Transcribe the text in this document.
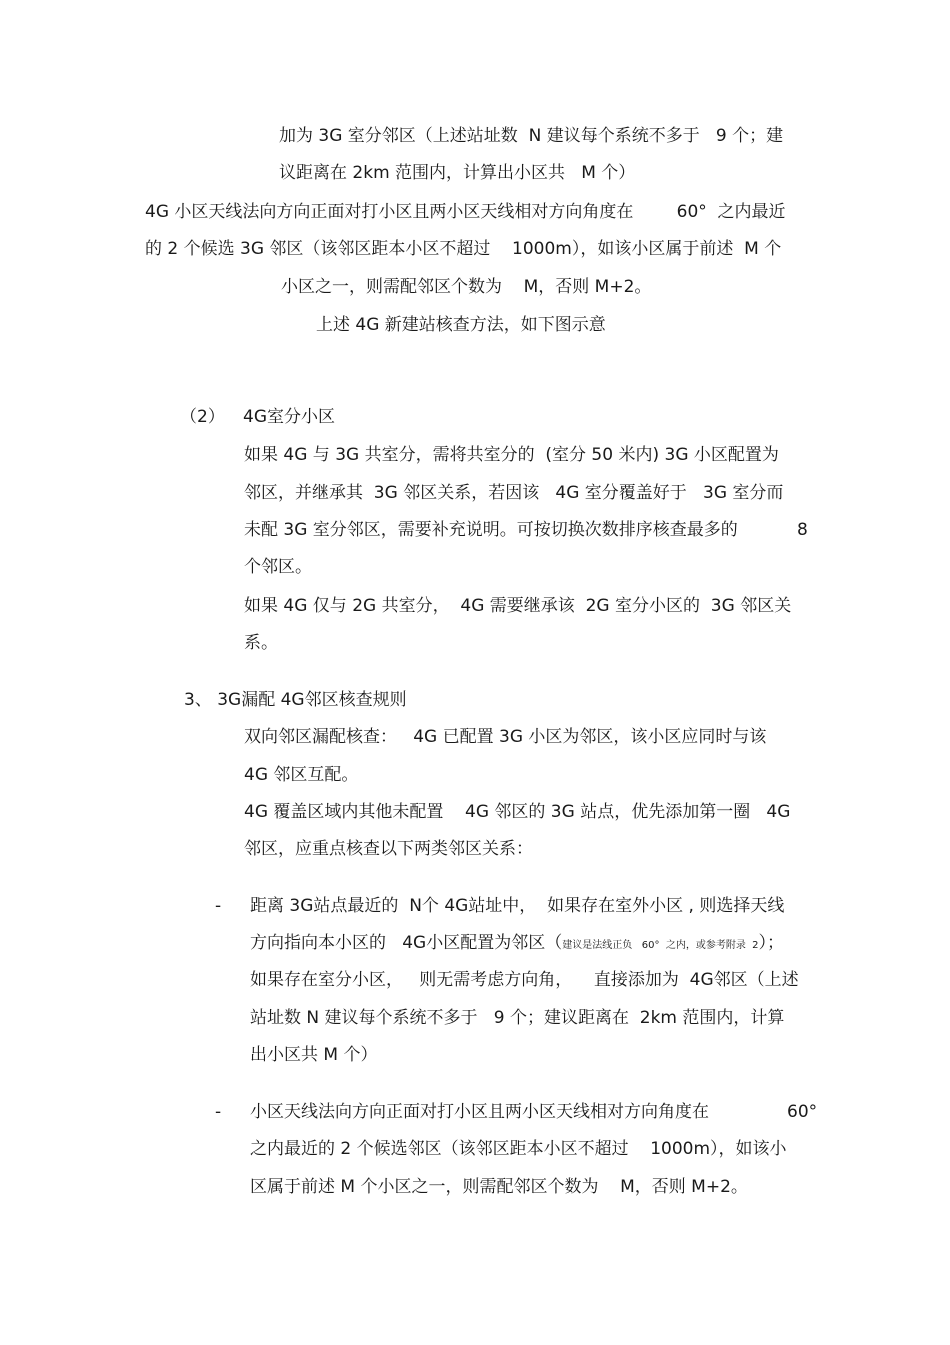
加为 3G 室分邻区（上述站址数  N 建议每个系统不多于   9 个；建
议距离在 2km 范围内，计算出小区共   M 个）
4G 小区天线法向方向正面对打小区且两小区天线相对方向角度在        60°  之内最近
的 2 个候选 3G 邻区（该邻区距本小区不超过    1000m），如该小区属于前述  M 个
小区之一，则需配邻区个数为    M，否则 M+2。
上述 4G 新建站核查方法，如下图示意
（2） 4G室分小区
如果 4G 与 3G 共室分，需将共室分的  (室分 50 米内) 3G 小区配置为
邻区，并继承其  3G 邻区关系，若因该   4G 室分覆盖好于   3G 室分而
未配 3G 室分邻区，需要补充说明。可按切换次数排序核查最多的	8
个邻区。
如果 4G 仅与 2G 共室分，  4G 需要继承该  2G 室分小区的  3G 邻区关
系。
3、 3G漏配 4G邻区核查规则
双向邻区漏配核查：   4G 已配置 3G 小区为邻区，该小区应同时与该
4G 邻区互配。
4G 覆盖区域内其他未配置    4G 邻区的 3G 站点，优先添加第一圈   4G
邻区，应重点核查以下两类邻区关系：
- 距离 3G站点最近的  N个 4G站址中，  如果存在室外小区 , 则选择天线
方向指向本小区的   4G小区配置为邻区（建议是法线正负   60°  之内，或参考附录  2）；
如果存在室分小区，   则无需考虑方向角，    直接添加为  4G邻区（上述
站址数 N 建议每个系统不多于   9 个；建议距离在  2km 范围内，计算
出小区共 M 个）
- 小区天线法向方向正面对打小区且两小区天线相对方向角度在	60°
之内最近的 2 个候选邻区（该邻区距本小区不超过    1000m），如该小
区属于前述 M 个小区之一，则需配邻区个数为    M，否则 M+2。
